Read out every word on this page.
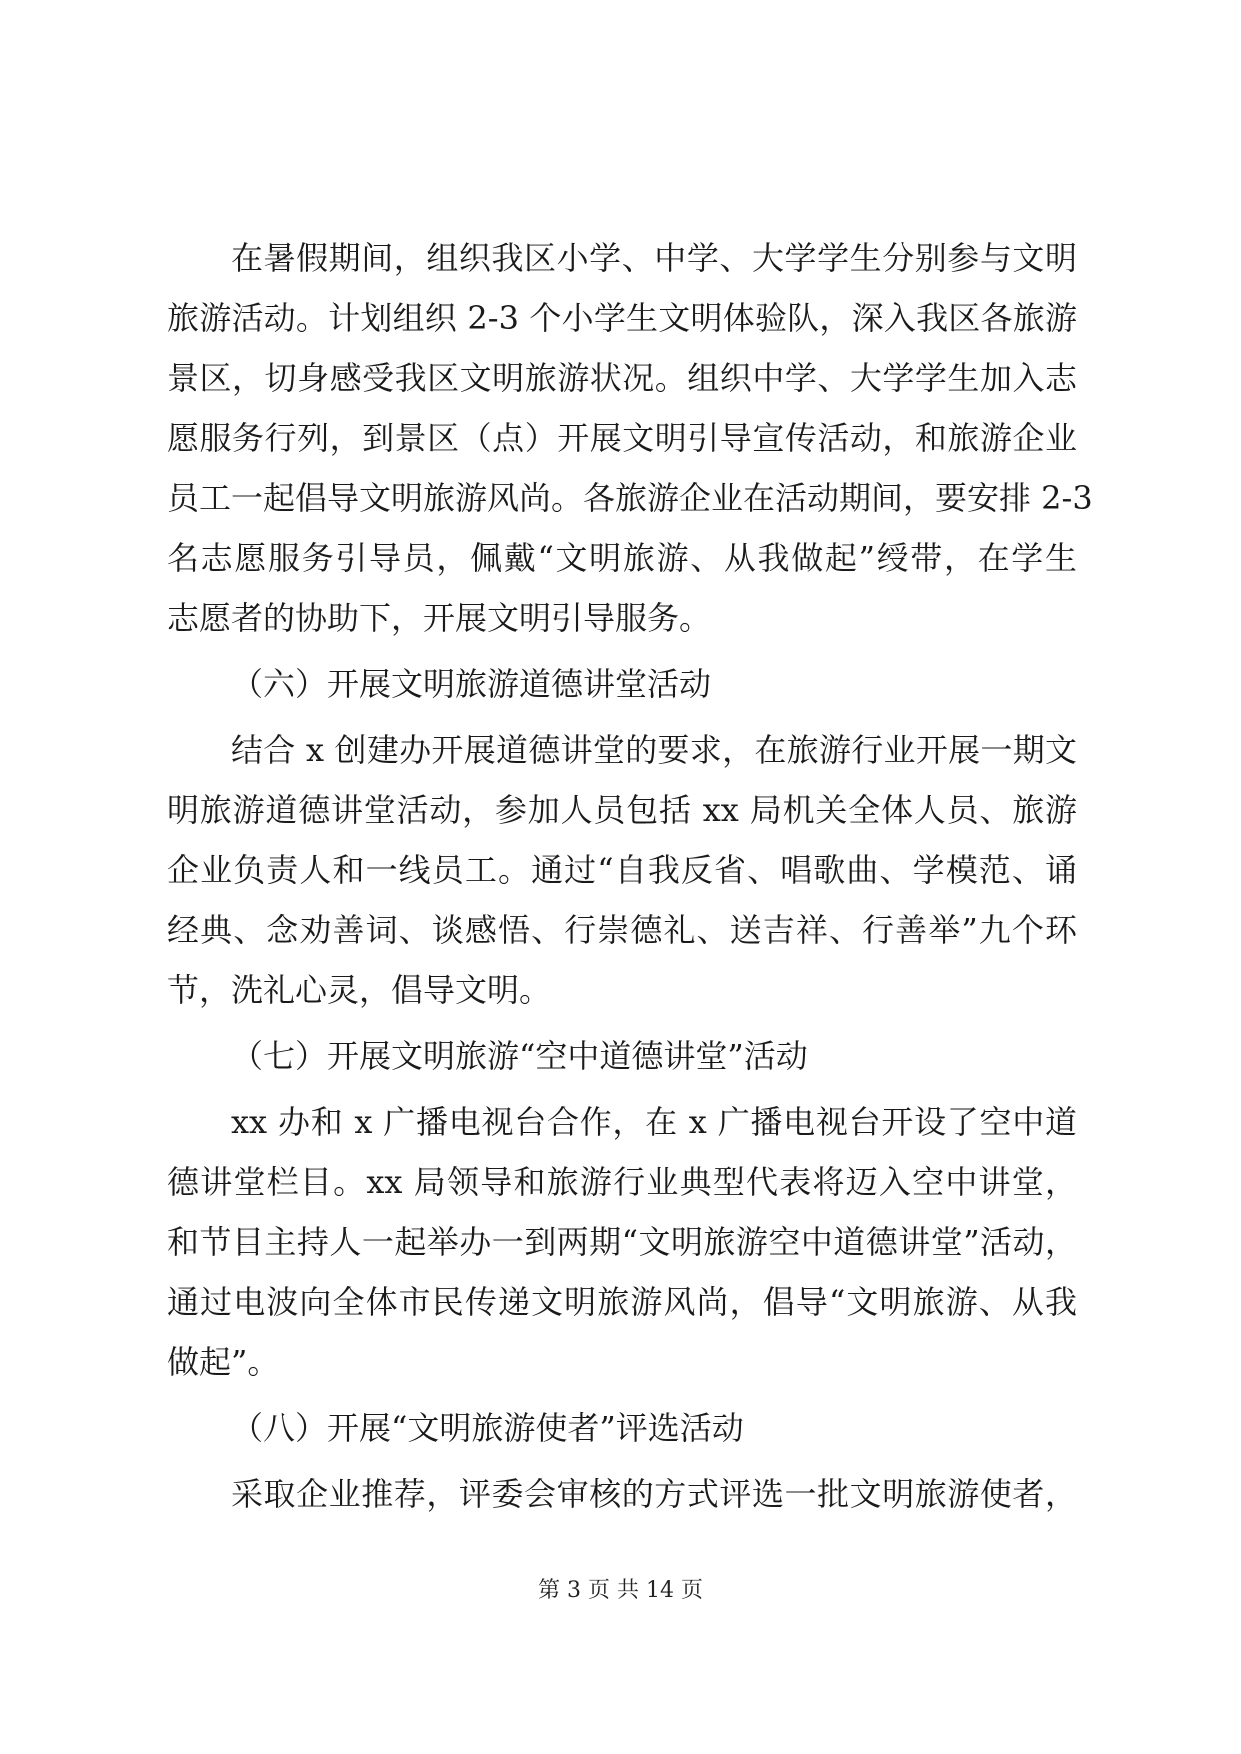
在暑假期间，组织我区小学、中学、大学学生分别参与文明
旅游活动。计划组织 2-3 个小学生文明体验队，深入我区各旅游
景区，切身感受我区文明旅游状况。组织中学、大学学生加入志
愿服务行列，到景区（点）开展文明引导宣传活动，和旅游企业
员工一起倡导文明旅游风尚。各旅游企业在活动期间，要安排 2-3
名志愿服务引导员，佩戴“文明旅游、从我做起”绶带，在学生
志愿者的协助下，开展文明引导服务。
（六）开展文明旅游道德讲堂活动
结合 x 创建办开展道德讲堂的要求，在旅游行业开展一期文
明旅游道德讲堂活动，参加人员包括 xx 局机关全体人员、旅游
企业负责人和一线员工。通过“自我反省、唱歌曲、学模范、诵
经典、念劝善词、谈感悟、行崇德礼、送吉祥、行善举”九个环
节，洗礼心灵，倡导文明。
（七）开展文明旅游“空中道德讲堂”活动
xx 办和 x 广播电视台合作，在 x 广播电视台开设了空中道
德讲堂栏目。xx 局领导和旅游行业典型代表将迈入空中讲堂，
和节目主持人一起举办一到两期“文明旅游空中道德讲堂”活动，
通过电波向全体市民传递文明旅游风尚，倡导“文明旅游、从我
做起”。
（八）开展“文明旅游使者”评选活动
采取企业推荐，评委会审核的方式评选一批文明旅游使者，
第 3 页 共 14 页
